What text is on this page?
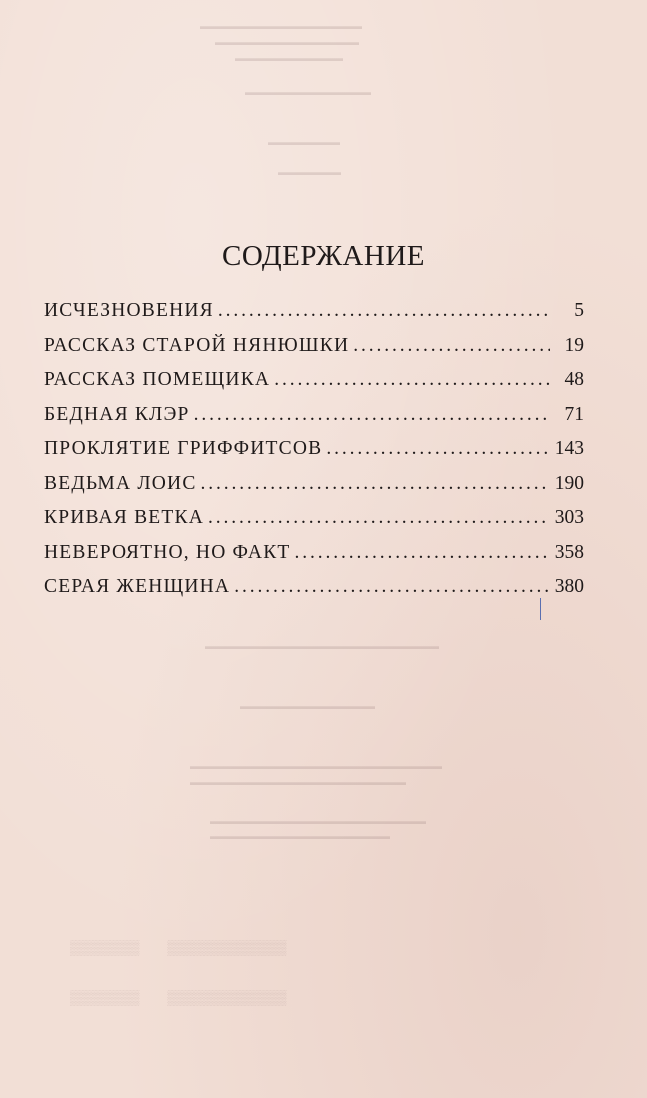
▬▬▬▬▬▬▬▬▬▬▬▬▬▬▬▬▬▬
▬▬▬▬▬▬▬▬▬▬▬▬▬▬▬▬
▬▬▬▬▬▬▬▬▬▬▬▬
▬▬▬▬▬▬▬▬▬▬▬▬▬▬
▬▬▬▬▬▬▬▬
▬▬▬▬▬▬▬
▬▬▬▬▬▬▬▬▬▬▬▬▬▬▬▬▬▬▬▬▬▬▬▬▬▬
▬▬▬▬▬▬▬▬▬▬▬▬▬▬▬
▬▬▬▬▬▬▬▬▬▬▬▬▬▬▬▬▬▬▬▬▬▬▬▬▬▬▬▬
▬▬▬▬▬▬▬▬▬▬▬▬▬▬▬▬▬▬▬▬▬▬▬▬
▬▬▬▬▬▬▬▬▬▬▬▬▬▬▬▬▬▬▬▬▬▬▬▬
▬▬▬▬▬▬▬▬▬▬▬▬▬▬▬▬▬▬▬▬
▒▒▒▒▒▒▒        ▒▒▒▒▒▒▒▒▒▒▒▒
▒▒▒▒▒▒▒        ▒▒▒▒▒▒▒▒▒▒▒▒
СОДЕРЖАНИЕ
ИСЧЕЗНОВЕНИЯ . . .	5
РАССКАЗ СТАРОЙ НЯНЮШКИ . . .	19
РАССКАЗ ПОМЕЩИКА . . .	48
БЕДНАЯ КЛЭР . . .	71
ПРОКЛЯТИЕ ГРИФФИТСОВ . . .	143
ВЕДЬМА ЛОИС . . .	190
КРИВАЯ ВЕТКА . . .	303
НЕВЕРОЯТНО, НО ФАКТ . . .	358
СЕРАЯ ЖЕНЩИНА . . .	380
